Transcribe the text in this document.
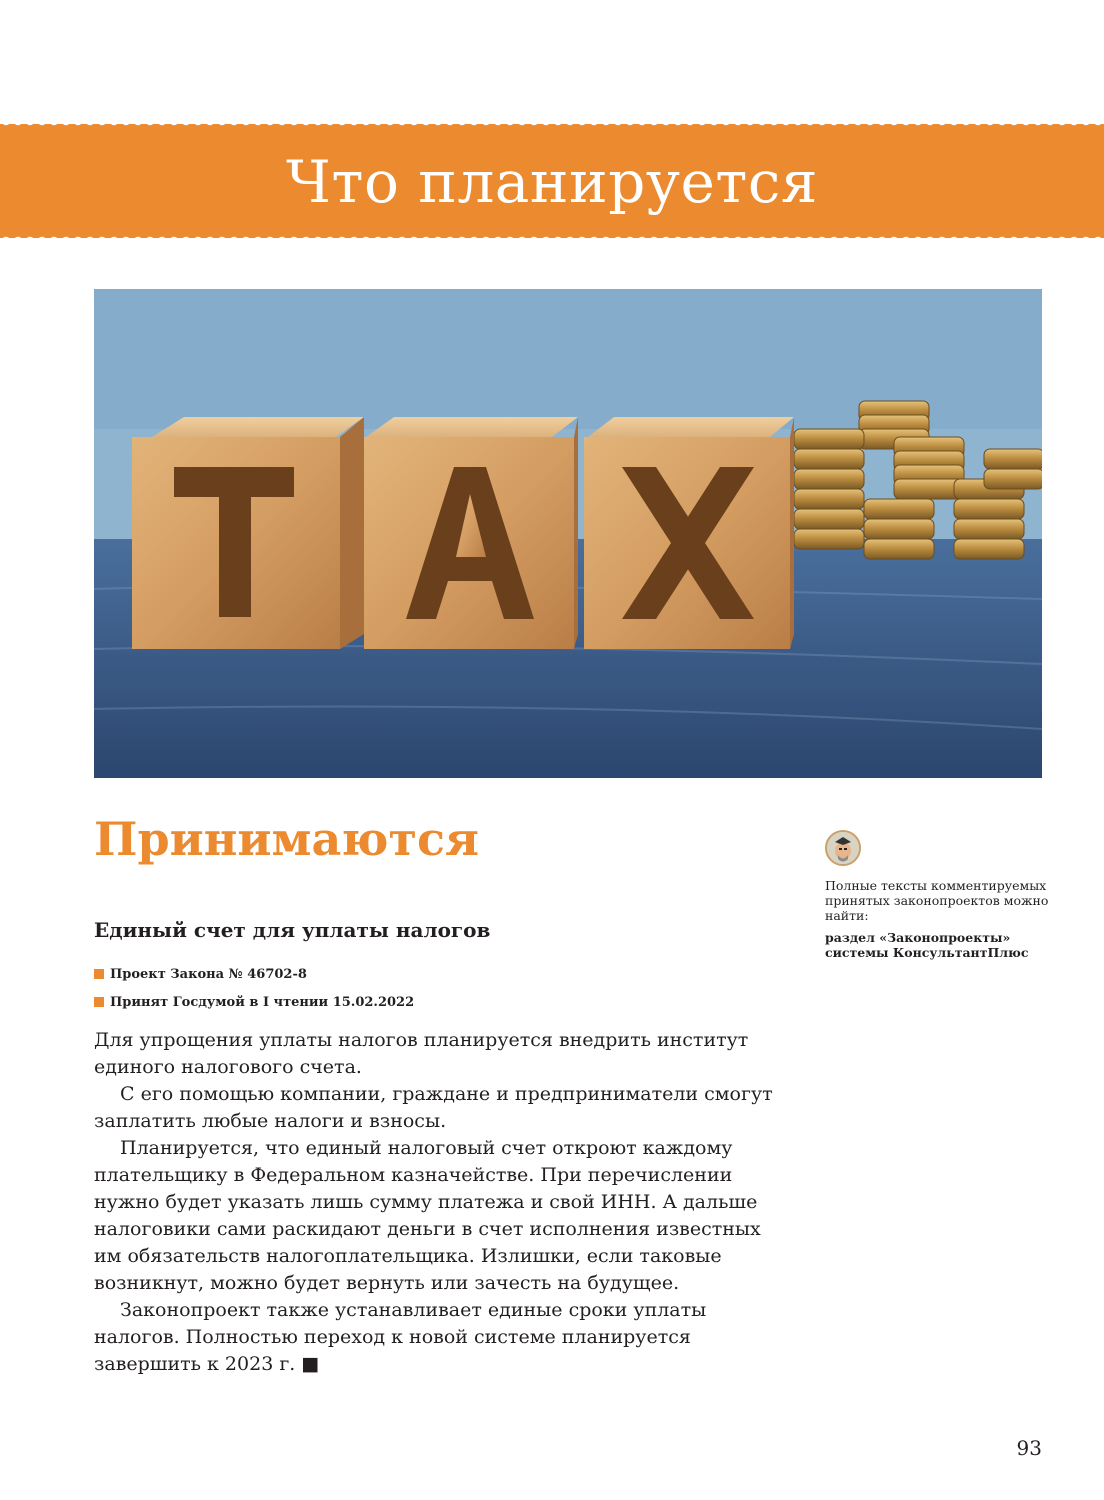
Что планируется
Принимаются
Единый счет для уплаты налогов
Проект Закона № 46702-8
Принят Госдумой в I чтении 15.02.2022

Для упрощения уплаты налогов планируется внедрить институт единого налогового счета.

С его помощью компании, граждане и предприниматели смогут заплатить любые налоги и взносы.

Планируется, что единый налоговый счет откроют каждому плательщику в Федеральном казначействе. При перечислении нужно будет указать лишь сумму платежа и свой ИНН. А дальше налоговики сами раскидают деньги в счет исполнения известных им обязательств налогоплательщика. Излишки, если таковые возникнут, можно будет вернуть или зачесть на будущее.

Законопроект также устанавливает единые сроки уплаты налогов. Полностью переход к новой системе планируется завершить к 2023 г. ■

Полные тексты комментируемых принятых законопроектов можно найти:
раздел «Законопроекты» системы КонсультантПлюс
93
